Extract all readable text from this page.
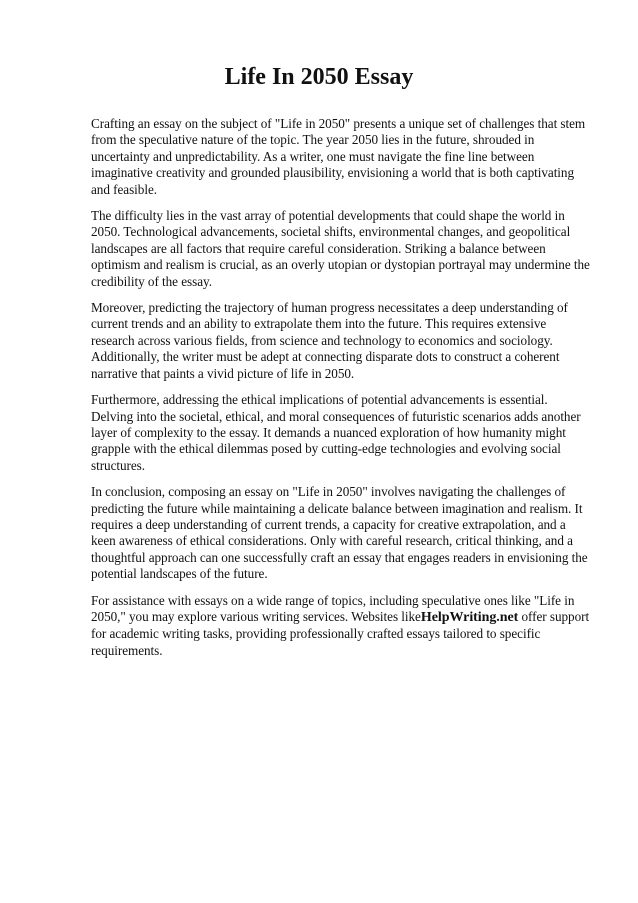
Life In 2050 Essay

Crafting an essay on the subject of "Life in 2050" presents a unique set of challenges that stem from the speculative nature of the topic. The year 2050 lies in the future, shrouded in uncertainty and unpredictability. As a writer, one must navigate the fine line between imaginative creativity and grounded plausibility, envisioning a world that is both captivating and feasible.

The difficulty lies in the vast array of potential developments that could shape the world in 2050. Technological advancements, societal shifts, environmental changes, and geopolitical landscapes are all factors that require careful consideration. Striking a balance between optimism and realism is crucial, as an overly utopian or dystopian portrayal may undermine the credibility of the essay.

Moreover, predicting the trajectory of human progress necessitates a deep understanding of current trends and an ability to extrapolate them into the future. This requires extensive research across various fields, from science and technology to economics and sociology. Additionally, the writer must be adept at connecting disparate dots to construct a coherent narrative that paints a vivid picture of life in 2050.

Furthermore, addressing the ethical implications of potential advancements is essential. Delving into the societal, ethical, and moral consequences of futuristic scenarios adds another layer of complexity to the essay. It demands a nuanced exploration of how humanity might grapple with the ethical dilemmas posed by cutting-edge technologies and evolving social structures.

In conclusion, composing an essay on "Life in 2050" involves navigating the challenges of predicting the future while maintaining a delicate balance between imagination and realism. It requires a deep understanding of current trends, a capacity for creative extrapolation, and a keen awareness of ethical considerations. Only with careful research, critical thinking, and a thoughtful approach can one successfully craft an essay that engages readers in envisioning the potential landscapes of the future.

For assistance with essays on a wide range of topics, including speculative ones like "Life in 2050," you may explore various writing services. Websites likeHelpWriting.net offer support for academic writing tasks, providing professionally crafted essays tailored to specific requirements.
